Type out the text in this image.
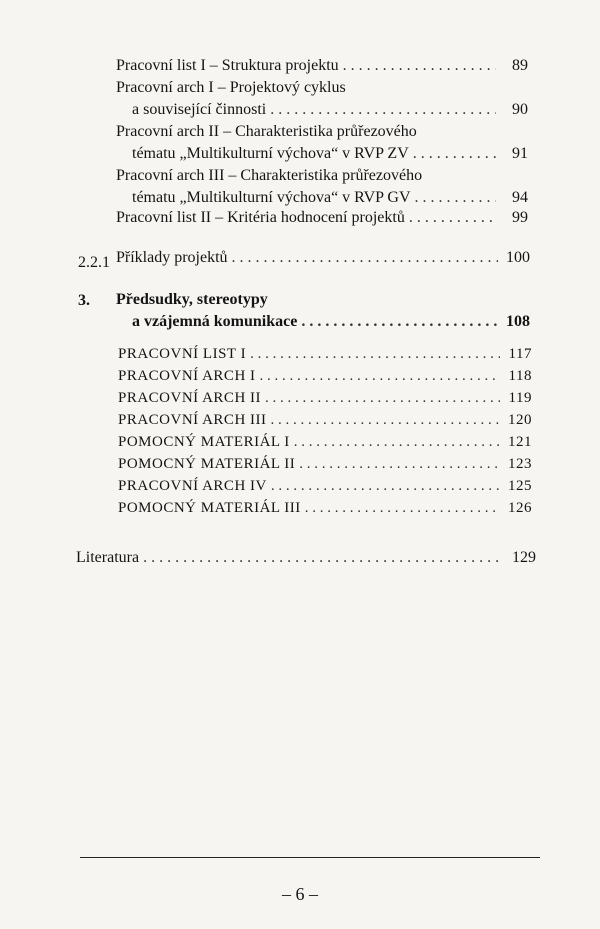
Pracovní list I – Struktura projektu . . .	89
Pracovní arch I – Projektový cyklus
a související činnosti . . .	90
Pracovní arch II – Charakteristika průřezového
tématu „Multikulturní výchova“ v RVP ZV . . .	91
Pracovní arch III – Charakteristika průřezového
tématu „Multikulturní výchova“ v RVP GV . . .	94
Pracovní list II – Kritéria hodnocení projektů . . .	99
2.2.1 Příklady projektů . . .	100
3. Předsudky, stereotypy
a vzájemná komunikace . . .	108
PRACOVNÍ LIST I . . .	117
PRACOVNÍ ARCH I . . .	118
PRACOVNÍ ARCH II . . .	119
PRACOVNÍ ARCH III . . .	120
POMOCNÝ MATERIÁL I . . .	121
POMOCNÝ MATERIÁL II . . .	123
PRACOVNÍ ARCH IV . . .	125
POMOCNÝ MATERIÁL III . . .	126
Literatura . . .	129
– 6 –
